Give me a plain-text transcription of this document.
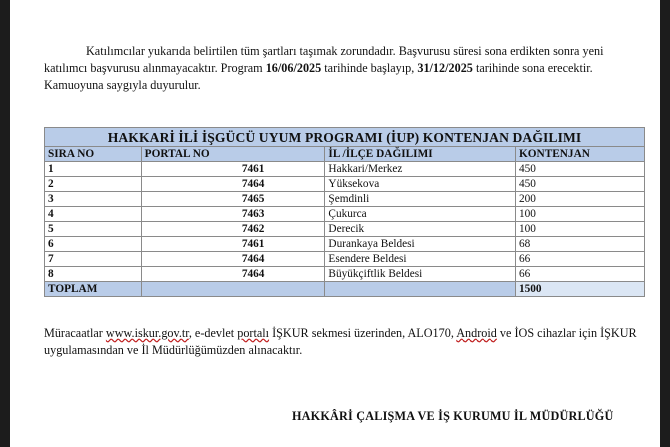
Katılımcılar yukarıda belirtilen tüm şartları taşımak zorundadır. Başvurusu süresi sona erdikten sonra yeni katılımcı başvurusu alınmayacaktır. Program 16/06/2025 tarihinde başlayıp, 31/12/2025 tarihinde sona erecektir. Kamuoyuna saygıyla duyurulur.

HAKKARİ İLİ İŞGÜCÜ UYUM PROGRAMI (İUP) KONTENJAN DAĞILIMI			
SIRA NO	PORTAL NO	İL /İLÇE DAĞILIMI	KONTENJAN
1	7461	Hakkari/Merkez	450
2	7464	Yüksekova	450
3	7465	Şemdinli	200
4	7463	Çukurca	100
5	7462	Derecik	100
6	7461	Durankaya Beldesi	68
7	7464	Esendere Beldesi	66
8	7464	Büyükçiftlik Beldesi	66
TOPLAM			1500

Müracaatlar www.iskur.gov.tr, e-devlet portalı İŞKUR sekmesi üzerinden, ALO170, Android ve İOS cihazlar için İŞKUR uygulamasından ve İl Müdürlüğümüzden alınacaktır.

HAKKÂRİ ÇALIŞMA VE İŞ KURUMU İL MÜDÜRLÜĞÜ
